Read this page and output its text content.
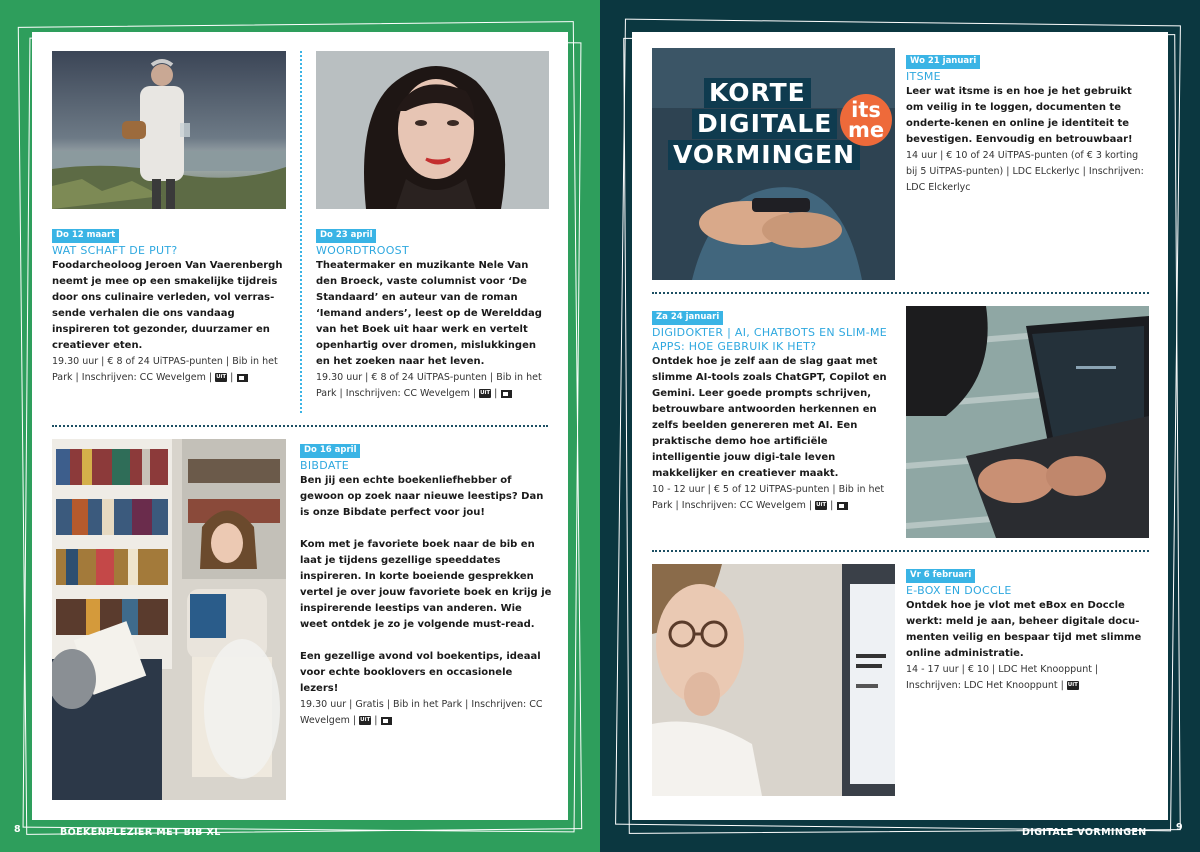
Do 12 maart
WAT SCHAFT DE PUT?
Foodarcheoloog Jeroen Van Vaerenbergh neemt je mee op een smakelijke tijdreis door ons culinaire verleden, vol verras-sende verhalen die ons vandaag inspireren tot gezonder, duurzamer en creatiever eten.
19.30 uur | € 8 of 24 UiTPAS-punten | Bib in het Park | Inschrijven: CC Wevelgem | UiT |
Do 23 april
WOORDTROOST
Theatermaker en muzikante Nele Van den Broeck, vaste columnist voor ‘De Standaard’ en auteur van de roman ‘Iemand anders’, leest op de Werelddag van het Boek uit haar werk en vertelt openhartig over dromen, mislukkingen en het zoeken naar het leven.
19.30 uur | € 8 of 24 UiTPAS-punten | Bib in het Park | Inschrijven: CC Wevelgem | UiT |
Do 16 april
BIBDATE
Ben jij een echte boekenliefhebber of gewoon op zoek naar nieuwe leestips? Dan is onze Bibdate perfect voor jou!
Kom met je favoriete boek naar de bib en laat je tijdens gezellige speeddates inspireren. In korte boeiende gesprekken vertel je over jouw favoriete boek en krijg je inspirerende leestips van anderen. Wie weet ontdek je zo je volgende must-read.
Een gezellige avond vol boekentips, ideaal voor echte booklovers en occasionele lezers!
19.30 uur | Gratis | Bib in het Park | Inschrijven: CC Wevelgem | UiT |
8	BOEKENPLEZIER MET BIB XL
KORTE
DIGITALE
VORMINGEN
its me
Wo 21 januari
ITSME
Leer wat itsme is en hoe je het gebruikt om veilig in te loggen, documenten te onderte-kenen en online je identiteit te bevestigen. Eenvoudig en betrouwbaar!
14 uur | € 10 of 24 UiTPAS-punten (of € 3 korting bij 5 UiTPAS-punten) | LDC ELckerlyc | Inschrijven: LDC Elckerlyc
Za 24 januari
DIGIDOKTER | AI, CHATBOTS EN SLIM-ME APPS: HOE GEBRUIK IK HET?
Ontdek hoe je zelf aan de slag gaat met slimme AI-tools zoals ChatGPT, Copilot en Gemini. Leer goede prompts schrijven, betrouwbare antwoorden herkennen en zelfs beelden genereren met AI. Een praktische demo hoe artificiële intelligentie jouw digi-tale leven makkelijker en creatiever maakt.
10 - 12 uur | € 5 of 12 UiTPAS-punten | Bib in het Park | Inschrijven: CC Wevelgem | UiT |
Vr 6 februari
E-BOX EN DOCCLE
Ontdek hoe je vlot met eBox en Doccle werkt: meld je aan, beheer digitale docu-menten veilig en bespaar tijd met slimme online administratie.
14 - 17 uur | € 10 | LDC Het Knooppunt | Inschrijven: LDC Het Knooppunt | UiT
DIGITALE VORMINGEN	9
